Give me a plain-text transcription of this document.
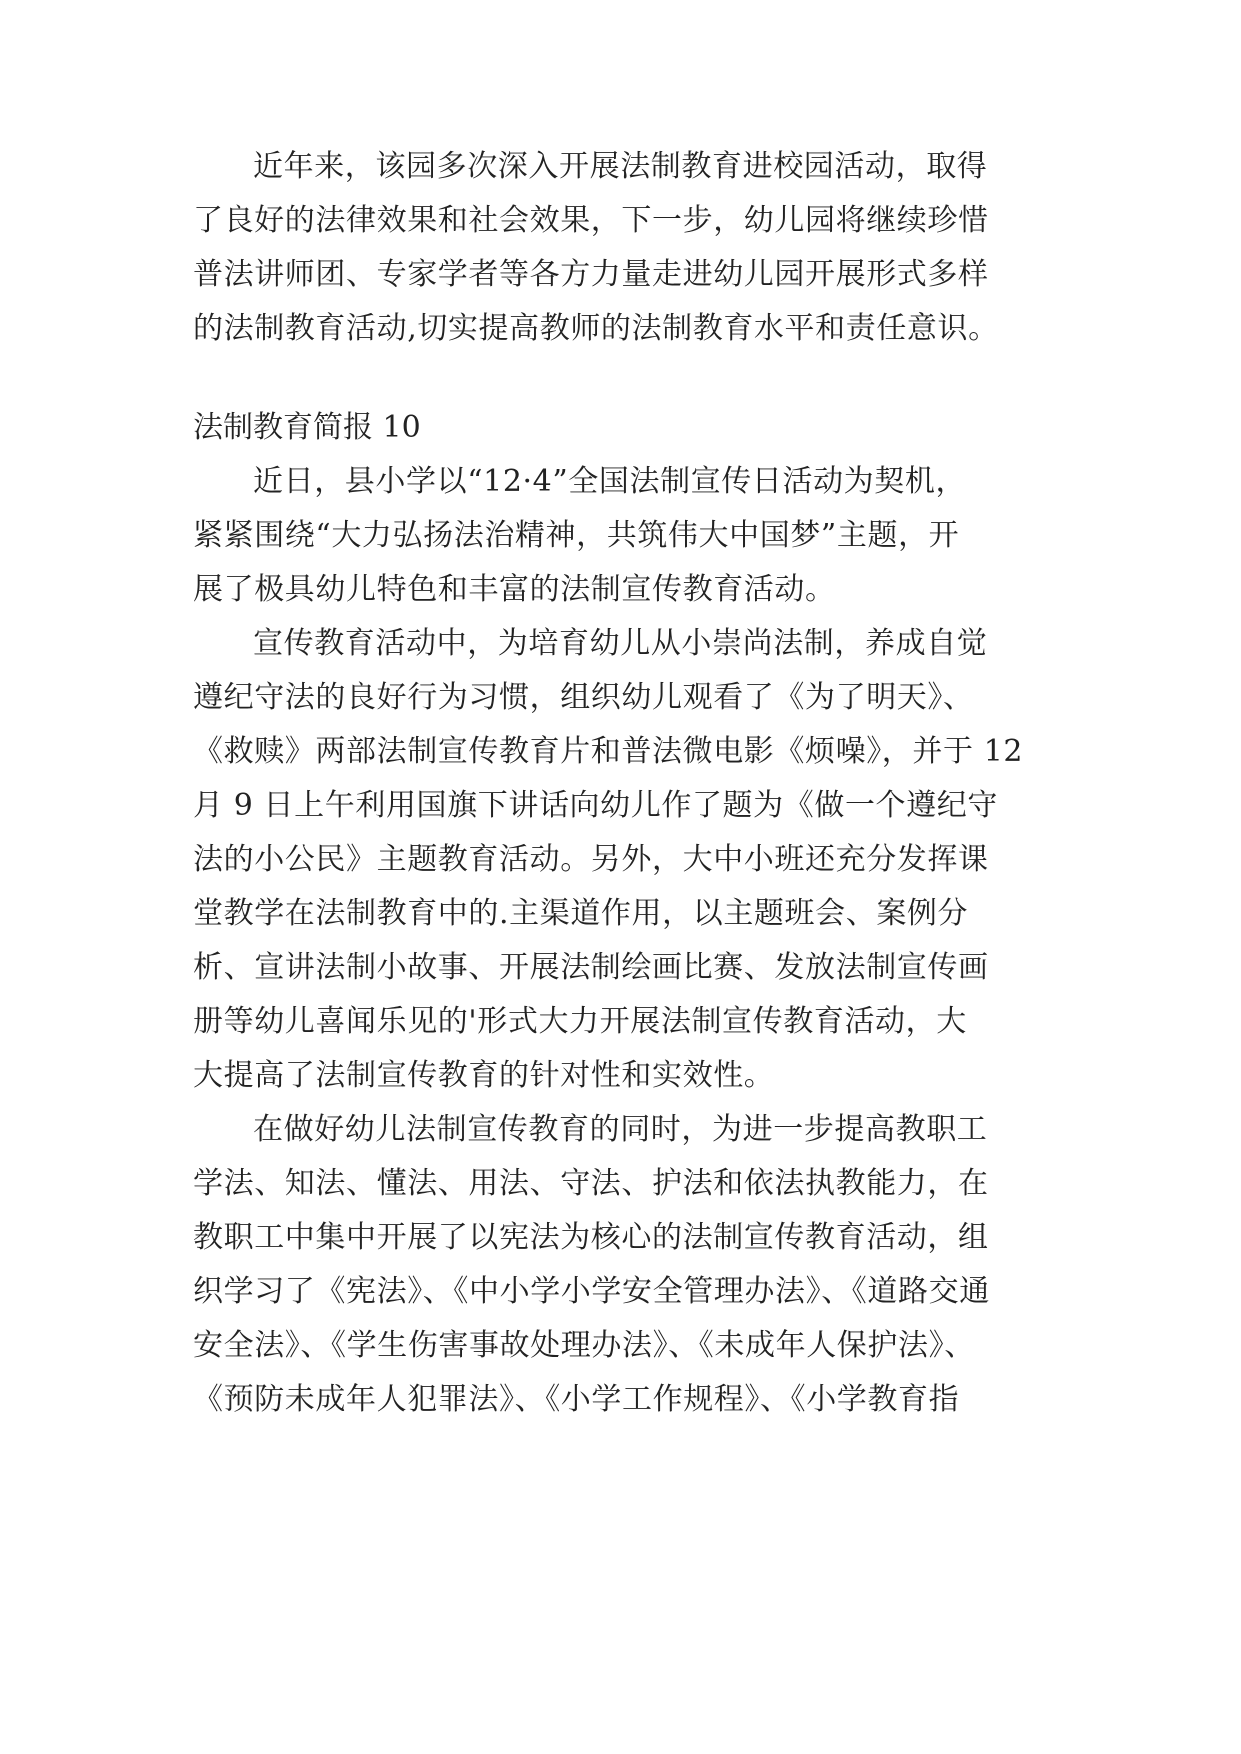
近年来，该园多次深入开展法制教育进校园活动，取得
了良好的法律效果和社会效果，下一步，幼儿园将继续珍惜
普法讲师团、专家学者等各方力量走进幼儿园开展形式多样
的法制教育活动,切实提高教师的法制教育水平和责任意识。
法制教育简报 10
近日，县小学以“12·4”全国法制宣传日活动为契机，
紧紧围绕“大力弘扬法治精神，共筑伟大中国梦”主题，开
展了极具幼儿特色和丰富的法制宣传教育活动。
宣传教育活动中，为培育幼儿从小崇尚法制，养成自觉
遵纪守法的良好行为习惯，组织幼儿观看了《为了明天》、
《救赎》两部法制宣传教育片和普法微电影《烦噪》，并于 12
月 9 日上午利用国旗下讲话向幼儿作了题为《做一个遵纪守
法的小公民》主题教育活动。另外，大中小班还充分发挥课
堂教学在法制教育中的.主渠道作用，以主题班会、案例分
析、宣讲法制小故事、开展法制绘画比赛、发放法制宣传画
册等幼儿喜闻乐见的'形式大力开展法制宣传教育活动，大
大提高了法制宣传教育的针对性和实效性。
在做好幼儿法制宣传教育的同时，为进一步提高教职工
学法、知法、懂法、用法、守法、护法和依法执教能力，在
教职工中集中开展了以宪法为核心的法制宣传教育活动，组
织学习了《宪法》、《中小学小学安全管理办法》、《道路交通
安全法》、《学生伤害事故处理办法》、《未成年人保护法》、
《预防未成年人犯罪法》、《小学工作规程》、《小学教育指
